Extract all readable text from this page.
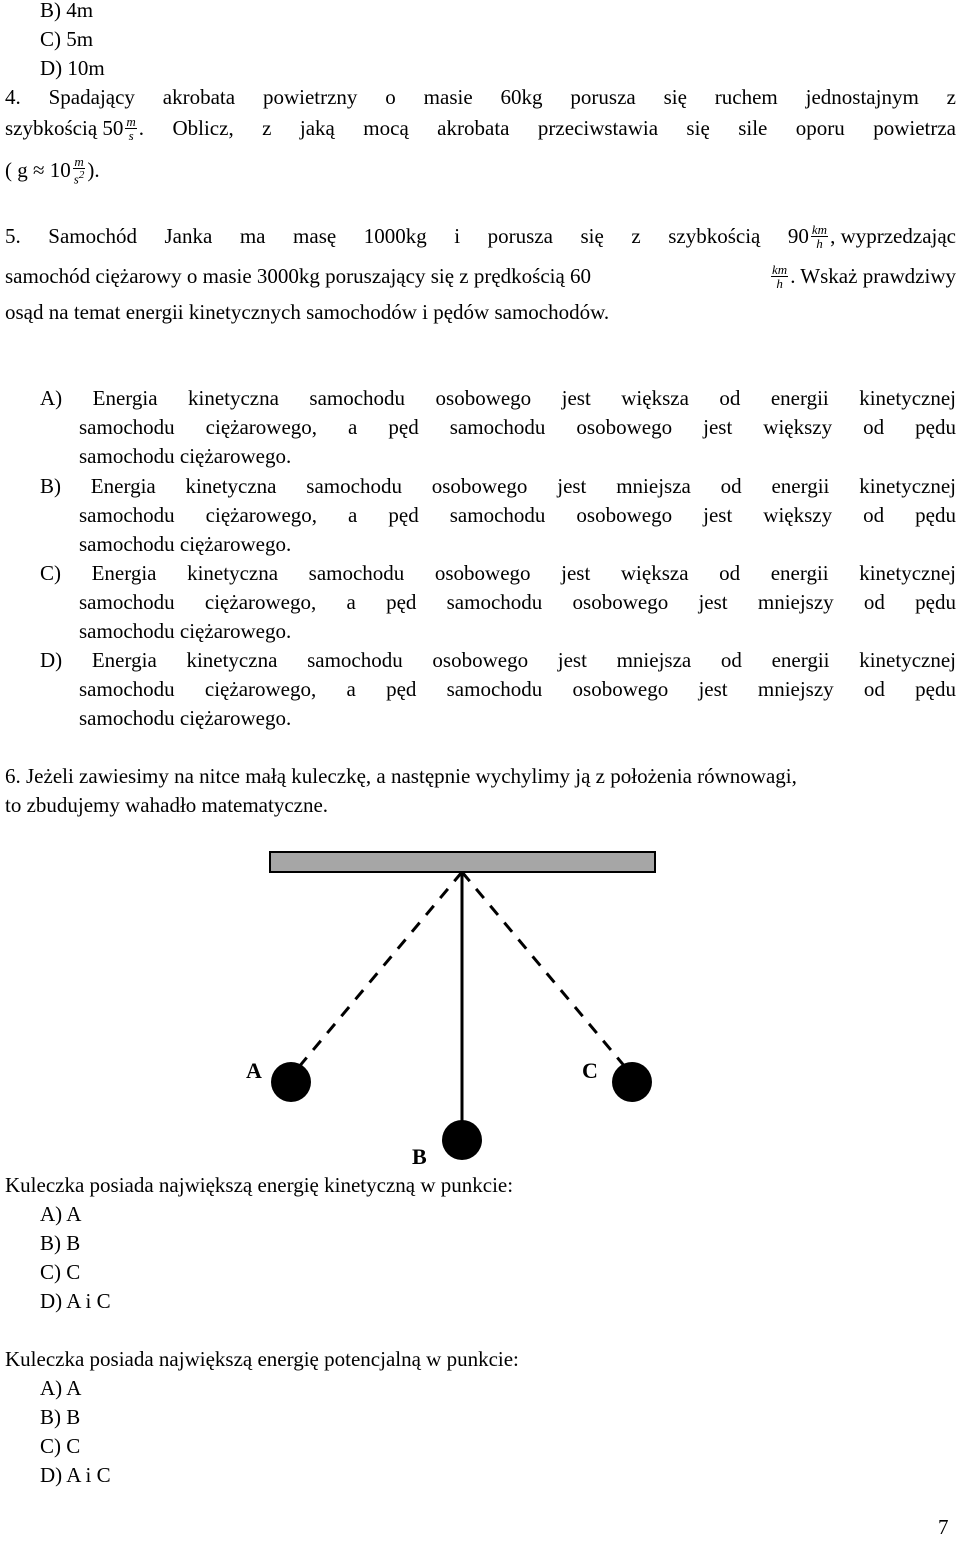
B) 4m
C) 5m
D) 10m
4. Spadający akrobata powietrzny o masie 60kg porusza się ruchem jednostajnym z
szybkością $50 \frac{m}{s}$ . Oblicz, z jaką mocą akrobata przeciwstawia się sile oporu powietrza
( $g \approx 10 \frac{m}{s^2}$ ).
5. Samochód Janka ma masę 1000kg i porusza się z szybkością $90 \frac{km}{h}$ , wyprzedzając
samochód ciężarowy o masie 3000kg poruszający się z prędkością 60	$\frac{km}{h}$ . Wskaż prawdziwy
osąd na temat energii kinetycznych samochodów i pędów samochodów.
A) Energia kinetyczna samochodu osobowego jest większa od energii kinetycznej
samochodu ciężarowego, a pęd samochodu osobowego jest większy od pędu
samochodu ciężarowego.
B) Energia kinetyczna samochodu osobowego jest mniejsza od energii kinetycznej
samochodu ciężarowego, a pęd samochodu osobowego jest większy od pędu
samochodu ciężarowego.
C) Energia kinetyczna samochodu osobowego jest większa od energii kinetycznej
samochodu ciężarowego, a pęd samochodu osobowego jest mniejszy od pędu
samochodu ciężarowego.
D) Energia kinetyczna samochodu osobowego jest mniejsza od energii kinetycznej
samochodu ciężarowego, a pęd samochodu osobowego jest mniejszy od pędu
samochodu ciężarowego.
6. Jeżeli zawiesimy na nitce małą kuleczkę, a następnie wychylimy ją z położenia równowagi,
to zbudujemy wahadło matematyczne.
A	C
B
Kuleczka posiada największą energię kinetyczną w punkcie:
A) A
B) B
C) C
D) A i C
Kuleczka posiada największą energię potencjalną w punkcie:
A) A
B) B
C) C
D) A i C
7
